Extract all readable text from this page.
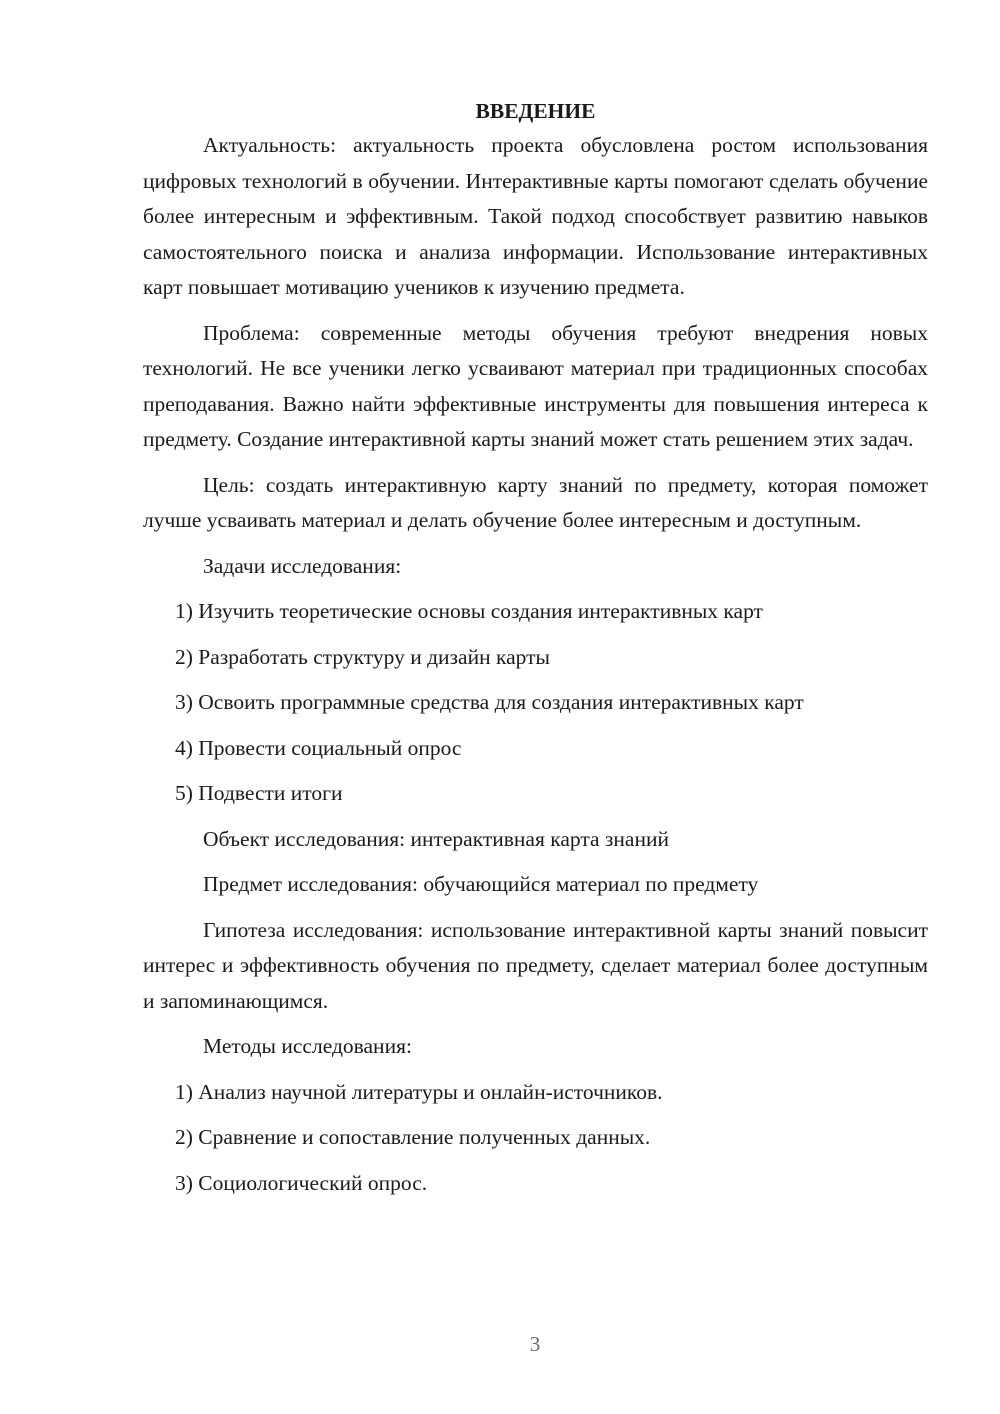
ВВЕДЕНИЕ

Актуальность: актуальность проекта обусловлена ростом использования цифровых технологий в обучении. Интерактивные карты помогают сделать обучение более интересным и эффективным. Такой подход способствует развитию навыков самостоятельного поиска и анализа информации. Использование интерактивных карт повышает мотивацию учеников к изучению предмета.

Проблема: современные методы обучения требуют внедрения новых технологий. Не все ученики легко усваивают материал при традиционных способах преподавания. Важно найти эффективные инструменты для повышения интереса к предмету. Создание интерактивной карты знаний может стать решением этих задач.

Цель: создать интерактивную карту знаний по предмету, которая поможет лучше усваивать материал и делать обучение более интересным и доступным.

Задачи исследования:

1) Изучить теоретические основы создания интерактивных карт

2) Разработать структуру и дизайн карты

3) Освоить программные средства для создания интерактивных карт

4) Провести социальный опрос

5) Подвести итоги

Объект исследования: интерактивная карта знаний

Предмет исследования: обучающийся материал по предмету

Гипотеза исследования: использование интерактивной карты знаний повысит интерес и эффективность обучения по предмету, сделает материал более доступным и запоминающимся.

Методы исследования:

1) Анализ научной литературы и онлайн-источников.

2) Сравнение и сопоставление полученных данных.

3) Социологический опрос.

3
